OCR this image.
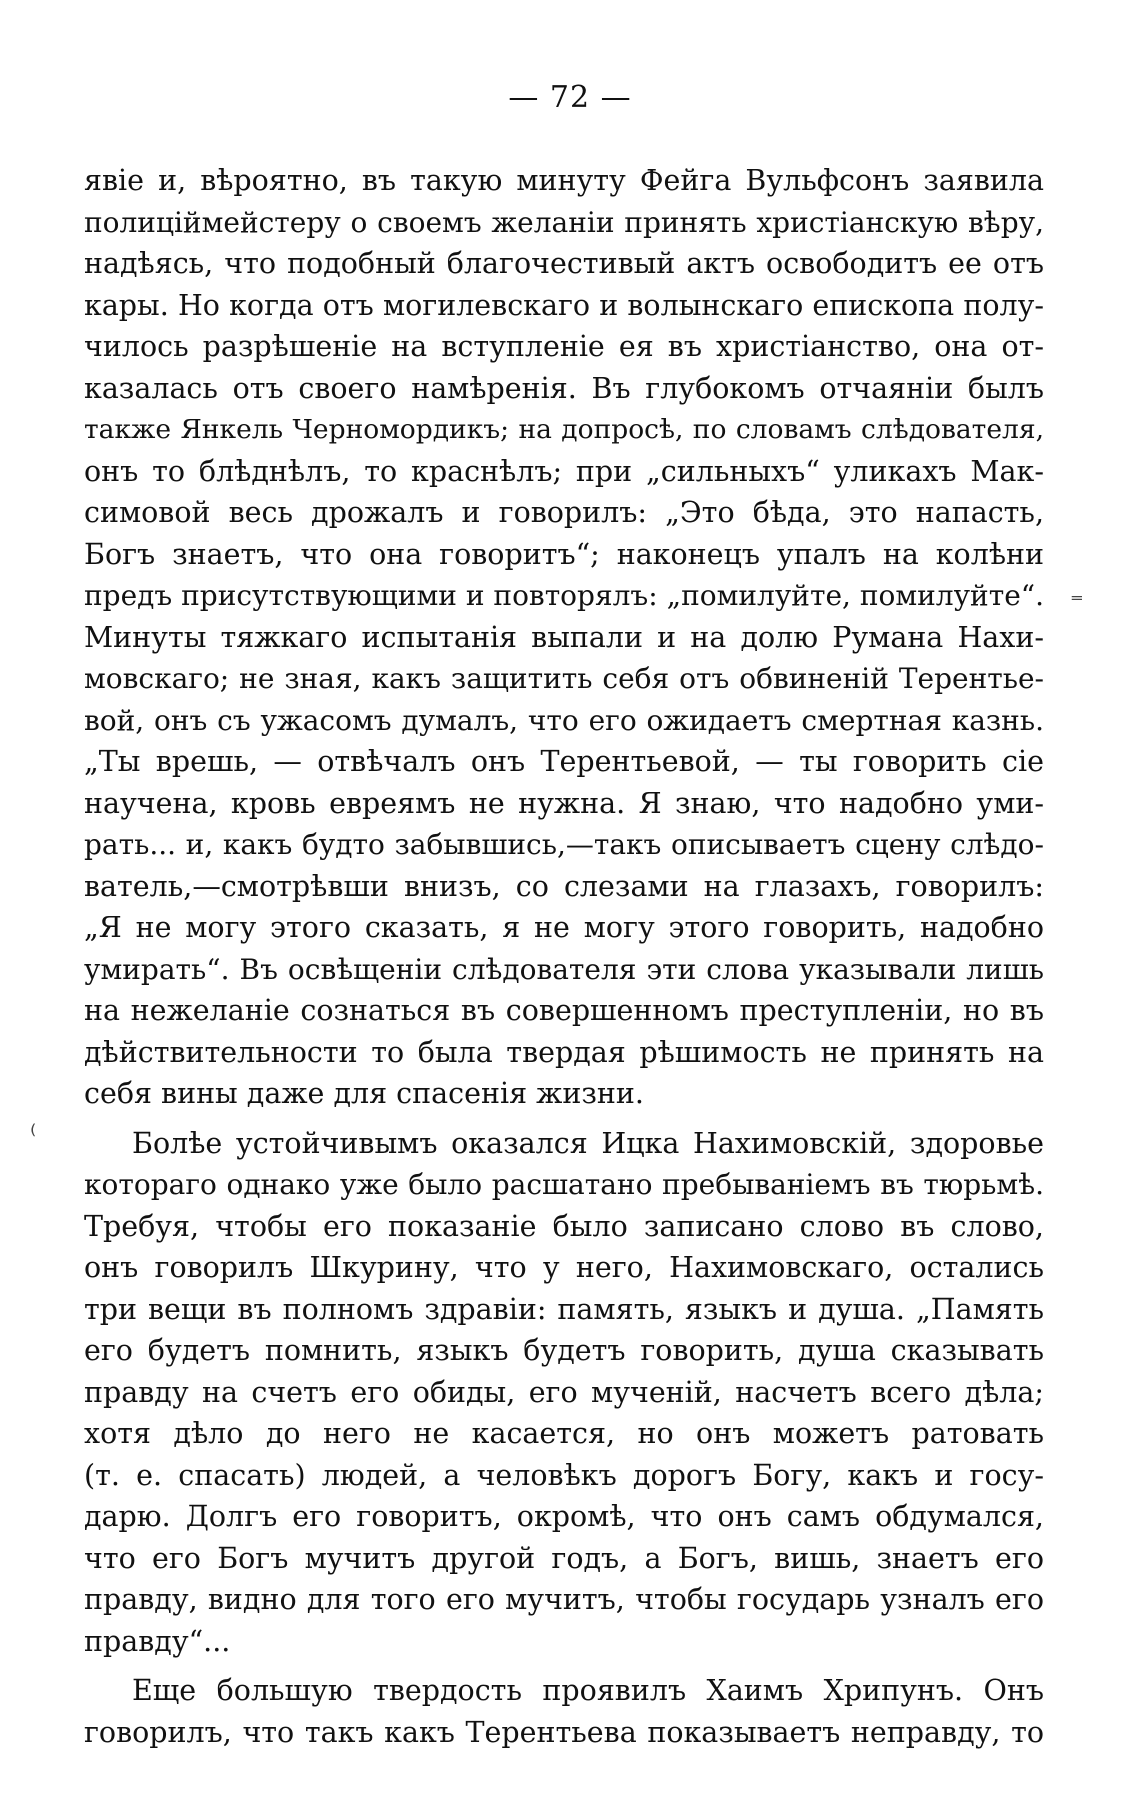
— 72 —
явiе и, вѣроятно, въ такую минуту Фейга Вульфсонъ заявила
полицiймейстеру о своемъ желанiи принять христiанскую вѣру,
надѣясь, что подобный благочестивый актъ освободитъ ее отъ
кары. Но когда отъ могилевскаго и волынскаго епископа полу-
чилось разрѣшенiе на вступленiе ея въ христiанство, она от-
казалась отъ своего намѣренiя. Въ глубокомъ отчаянiи былъ
также Янкель Черномордикъ; на допросѣ, по словамъ слѣдователя,
онъ то блѣднѣлъ, то краснѣлъ; при „сильныхъ“ уликахъ Мак-
симовой весь дрожалъ и говорилъ: „Это бѣда, это напасть,
Богъ знаетъ, что она говоритъ“; наконецъ упалъ на колѣни
предъ присутствующими и повторялъ: „помилуйте, помилуйте“.
Минуты тяжкаго испытанiя выпали и на долю Румана Нахи-
мовскаго; не зная, какъ защитить себя отъ обвиненiй Терентье-
вой, онъ съ ужасомъ думалъ, что его ожидаетъ смертная казнь.
„Ты врешь, — отвѣчалъ онъ Терентьевой, — ты говорить сiе
научена, кровь евреямъ не нужна. Я знаю, что надобно уми-
рать... и, какъ будто забывшись,—такъ описываетъ сцену слѣдо-
ватель,—смотрѣвши внизъ, со слезами на глазахъ, говорилъ:
„Я не могу этого сказать, я не могу этого говорить, надобно
умирать“. Въ освѣщенiи слѣдователя эти слова указывали лишь
на нежеланiе сознаться въ совершенномъ преступленiи, но въ
дѣйствительности то была твердая рѣшимость не принять на
себя вины даже для спасенiя жизни.
Болѣе устойчивымъ оказался Ицка Нахимовскiй, здоровье
котораго однако уже было расшатано пребыванiемъ въ тюрьмѣ.
Требуя, чтобы его показанiе было записано слово въ слово,
онъ говорилъ Шкурину, что у него, Нахимовскаго, остались
три вещи въ полномъ здравiи: память, языкъ и душа. „Память
его будетъ помнить, языкъ будетъ говорить, душа сказывать
правду на счетъ его обиды, его мученiй, насчетъ всего дѣла;
хотя дѣло до него не касается, но онъ можетъ ратовать
(т. е. спасать) людей, а человѣкъ дорогъ Богу, какъ и госу-
дарю. Долгъ его говоритъ, окромѣ, что онъ самъ обдумался,
что его Богъ мучитъ другой годъ, а Богъ, вишь, знаетъ его
правду, видно для того его мучитъ, чтобы государь узналъ его
правду“...
Еще большую твердость проявилъ Хаимъ Хрипунъ. Онъ
говорилъ, что такъ какъ Терентьева показываетъ неправду, то
⁼
⁽
